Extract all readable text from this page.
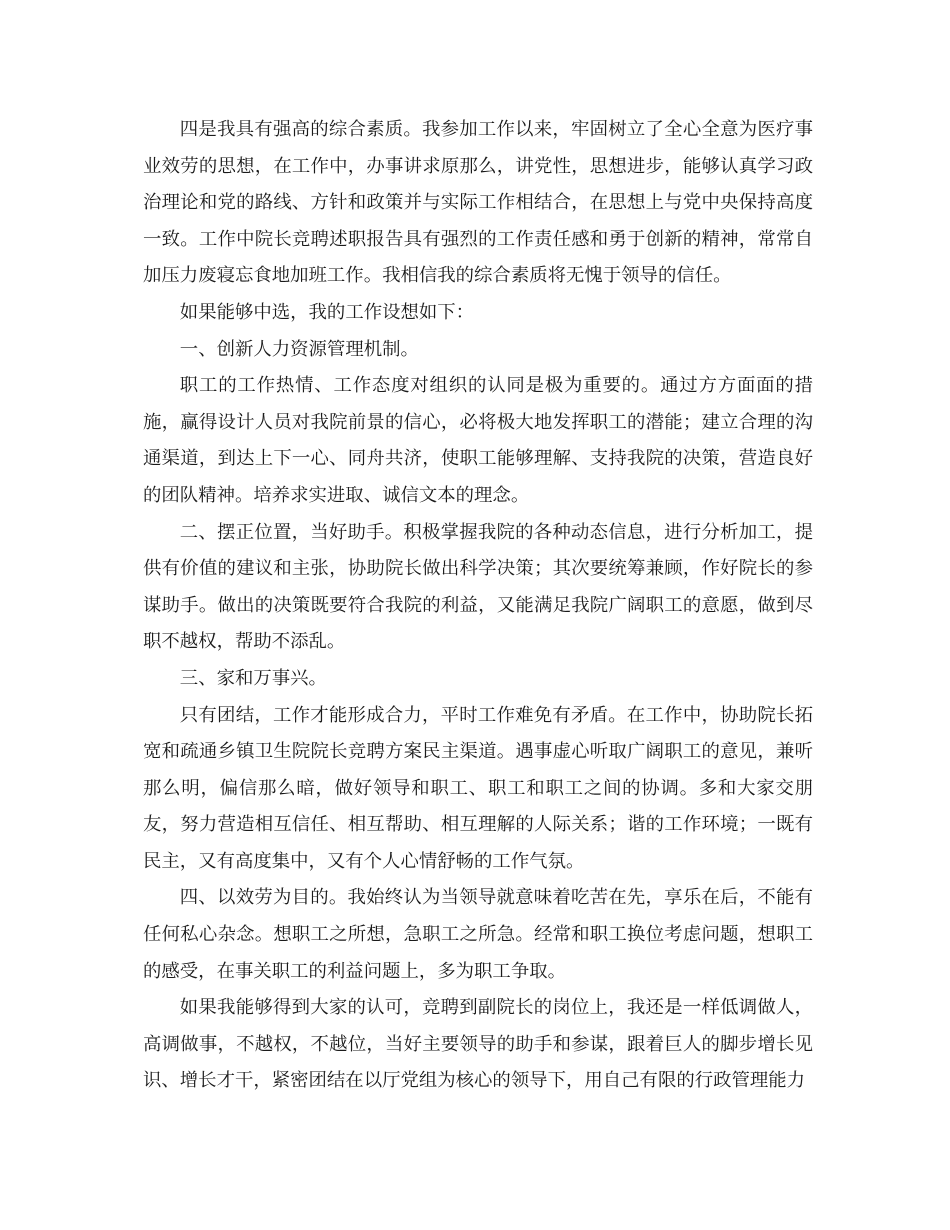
四是我具有强高的综合素质。我参加工作以来，牢固树立了全心全意为医疗事业效劳的思想，在工作中，办事讲求原那么，讲党性，思想进步，能够认真学习政治理论和党的路线、方针和政策并与实际工作相结合，在思想上与党中央保持高度一致。工作中院长竞聘述职报告具有强烈的工作责任感和勇于创新的精神，常常自加压力废寝忘食地加班工作。我相信我的综合素质将无愧于领导的信任。

如果能够中选，我的工作设想如下：

一、创新人力资源管理机制。

职工的工作热情、工作态度对组织的认同是极为重要的。通过方方面面的措施，赢得设计人员对我院前景的信心，必将极大地发挥职工的潜能；建立合理的沟通渠道，到达上下一心、同舟共济，使职工能够理解、支持我院的决策，营造良好的团队精神。培养求实进取、诚信文本的理念。

二、摆正位置，当好助手。积极掌握我院的各种动态信息，进行分析加工，提供有价值的建议和主张，协助院长做出科学决策；其次要统筹兼顾，作好院长的参谋助手。做出的决策既要符合我院的利益，又能满足我院广阔职工的意愿，做到尽职不越权，帮助不添乱。

三、家和万事兴。

只有团结，工作才能形成合力，平时工作难免有矛盾。在工作中，协助院长拓宽和疏通乡镇卫生院院长竞聘方案民主渠道。遇事虚心听取广阔职工的意见，兼听那么明，偏信那么暗，做好领导和职工、职工和职工之间的协调。多和大家交朋友，努力营造相互信任、相互帮助、相互理解的人际关系；谐的工作环境；一既有民主，又有高度集中，又有个人心情舒畅的工作气氛。

四、以效劳为目的。我始终认为当领导就意味着吃苦在先，享乐在后，不能有任何私心杂念。想职工之所想，急职工之所急。经常和职工换位考虑问题，想职工的感受，在事关职工的利益问题上，多为职工争取。

如果我能够得到大家的认可，竞聘到副院长的岗位上，我还是一样低调做人，高调做事，不越权，不越位，当好主要领导的助手和参谋，跟着巨人的脚步增长见识、增长才干，紧密团结在以厅党组为核心的领导下，用自己有限的行政管理能力
